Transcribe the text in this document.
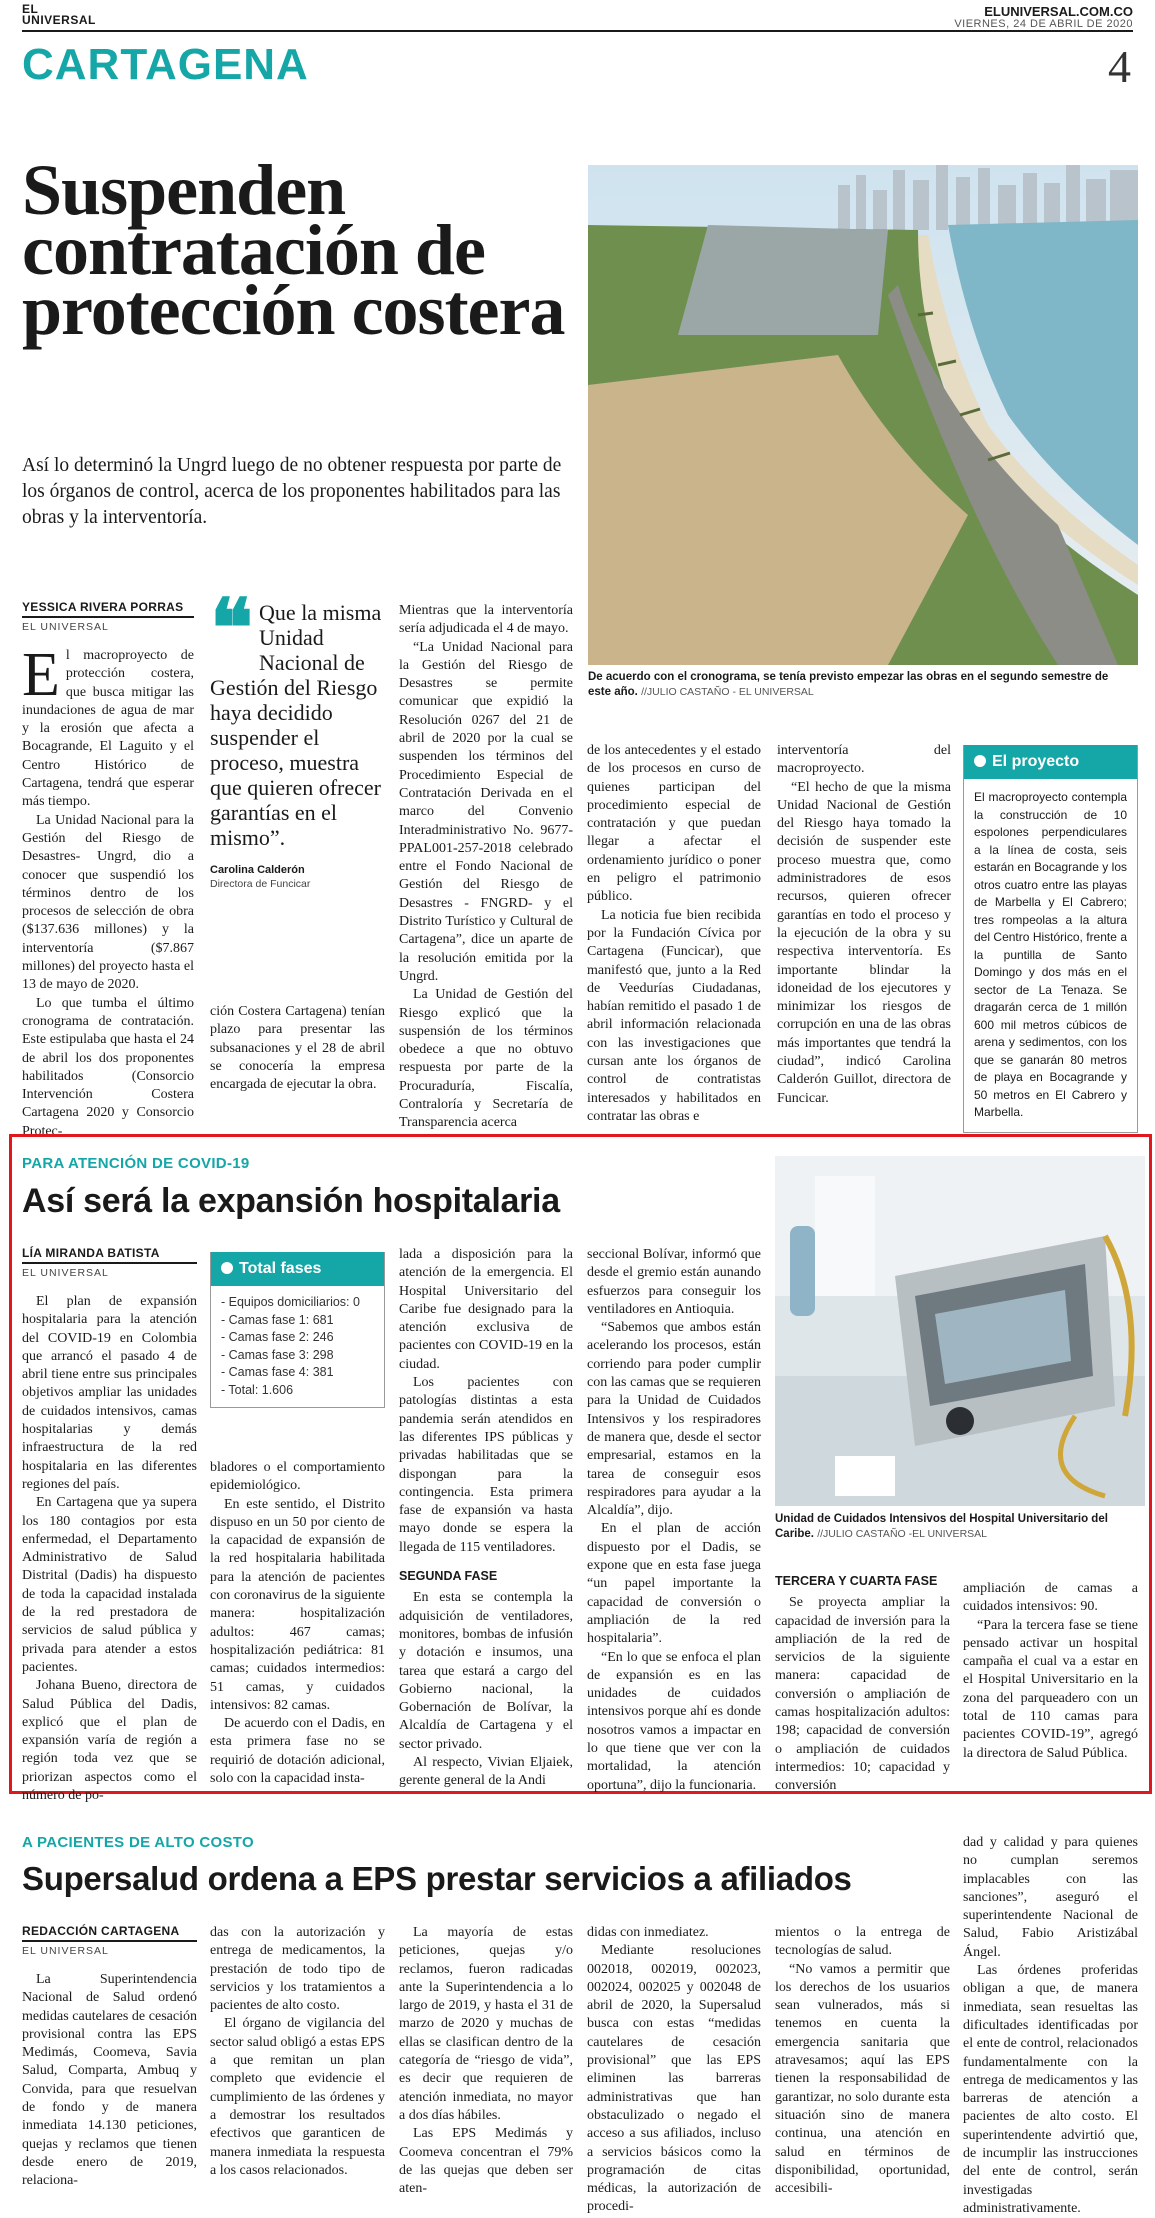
EL
UNIVERSAL
ELUNIVERSAL.COM.CO
VIERNES, 24 DE ABRIL DE 2020
CARTAGENA	4
Suspenden contratación de protección costera

Así lo determinó la Ungrd luego de no obtener respuesta por parte de los órganos de control, acerca de los proponentes habilitados para las obras y la interventoría.

De acuerdo con el cronograma, se tenía previsto empezar las obras en el segundo semestre de este año. //JULIO CASTAÑO - EL UNIVERSAL

YESSICA RIVERA PORRAS
EL UNIVERSAL

El macroproyecto de protección costera, que busca mitigar las inundaciones de agua de mar y la erosión que afecta a Bocagrande, El Laguito y el Centro Histórico de Cartagena, tendrá que esperar más tiempo.

La Unidad Nacional para la Gestión del Riesgo de Desastres- Ungrd, dio a conocer que suspendió los términos dentro de los procesos de selección de obra ($137.636 millones) y la interventoría ($7.867 millones) del proyecto hasta el 13 de mayo de 2020.

Lo que tumba el último cronograma de contratación. Este estipulaba que hasta el 24 de abril los dos proponentes habilitados (Consorcio Intervención Costera Cartagena 2020 y Consorcio Protec-

❝ Que la misma Unidad Nacional de Gestión del Riesgo haya decidido suspender el proceso, muestra que quieren ofrecer garantías en el mismo”.
Carolina Calderón
Directora de Funcicar

ción Costera Cartagena) tenían plazo para presentar las subsanaciones y el 28 de abril se conocería la empresa encargada de ejecutar la obra.

Mientras que la interventoría sería adjudicada el 4 de mayo.

“La Unidad Nacional para la Gestión del Riesgo de Desastres se permite comunicar que expidió la Resolución 0267 del 21 de abril de 2020 por la cual se suspenden los términos del Procedimiento Especial de Contratación Derivada en el marco del Convenio Interadministrativo No. 9677-PPAL001-257-2018 celebrado entre el Fondo Nacional de Gestión del Riesgo de Desastres - FNGRD- y el Distrito Turístico y Cultural de Cartagena”, dice un aparte de la resolución emitida por la Ungrd.

La Unidad de Gestión del Riesgo explicó que la suspensión de los términos obedece a que no obtuvo respuesta por parte de la Procuraduría, Fiscalía, Contraloría y Secretaría de Transparencia acerca

de los antecedentes y el estado de los procesos en curso de quienes participan del procedimiento especial de contratación y que puedan llegar a afectar el ordenamiento jurídico o poner en peligro el patrimonio público.

La noticia fue bien recibida por la Fundación Cívica por Cartagena (Funcicar), que manifestó que, junto a la Red de Veedurías Ciudadanas, habían remitido el pasado 1 de abril información relacionada con las investigaciones que cursan ante los órganos de control de contratistas interesados y habilitados en contratar las obras e

interventoría del macroproyecto.

“El hecho de que la misma Unidad Nacional de Gestión del Riesgo haya tomado la decisión de suspender este proceso muestra que, como administradores de esos recursos, quieren ofrecer garantías en todo el proceso y la ejecución de la obra y su respectiva interventoría. Es importante blindar la idoneidad de los ejecutores y minimizar los riesgos de corrupción en una de las obras más importantes que tendrá la ciudad”, indicó Carolina Calderón Guillot, directora de Funcicar.

El proyecto
El macroproyecto contempla la construcción de 10 espolones perpendiculares a la línea de costa, seis estarán en Bocagrande y los otros cuatro entre las playas de Marbella y El Cabrero; tres rompeolas a la altura del Centro Histórico, frente a la puntilla de Santo Domingo y dos más en el sector de La Tenaza. Se dragarán cerca de 1 millón 600 mil metros cúbicos de arena y sedimentos, con los que se ganarán 80 metros de playa en Bocagrande y 50 metros en El Cabrero y Marbella.
PARA ATENCIÓN DE COVID-19
Así será la expansión hospitalaria

Unidad de Cuidados Intensivos del Hospital Universitario del Caribe. //JULIO CASTAÑO -EL UNIVERSAL

LÍA MIRANDA BATISTA
EL UNIVERSAL

El plan de expansión hospitalaria para la atención del COVID-19 en Colombia que arrancó el pasado 4 de abril tiene entre sus principales objetivos ampliar las unidades de cuidados intensivos, camas hospitalarias y demás infraestructura de la red hospitalaria en las diferentes regiones del país.

En Cartagena que ya supera los 180 contagios por esta enfermedad, el Departamento Administrativo de Salud Distrital (Dadis) ha dispuesto de toda la capacidad instalada de la red prestadora de servicios de salud pública y privada para atender a estos pacientes.

Johana Bueno, directora de Salud Pública del Dadis, explicó que el plan de expansión varía de región a región toda vez que se priorizan aspectos como el número de po-

Total fases
- Equipos domiciliarios: 0
- Camas fase 1: 681
- Camas fase 2: 246
- Camas fase 3: 298
- Camas fase 4: 381
- Total: 1.606

bladores o el comportamiento epidemiológico.

En este sentido, el Distrito dispuso en un 50 por ciento de la capacidad de expansión de la red hospitalaria habilitada para la atención de pacientes con coronavirus de la siguiente manera: hospitalización adultos: 467 camas; hospitalización pediátrica: 81 camas; cuidados intermedios: 51 camas, y cuidados intensivos: 82 camas.

De acuerdo con el Dadis, en esta primera fase no se requirió de dotación adicional, solo con la capacidad insta-

lada a disposición para la atención de la emergencia. El Hospital Universitario del Caribe fue designado para la atención exclusiva de pacientes con COVID-19 en la ciudad.

Los pacientes con patologías distintas a esta pandemia serán atendidos en las diferentes IPS públicas y privadas habilitadas que se dispongan para la contingencia. Esta primera fase de expansión va hasta mayo donde se espera la llegada de 115 ventiladores.

SEGUNDA FASE

En esta se contempla la adquisición de ventiladores, monitores, bombas de infusión y dotación e insumos, una tarea que estará a cargo del Gobierno nacional, la Gobernación de Bolívar, la Alcaldía de Cartagena y el sector privado.

Al respecto, Vivian Eljaiek, gerente general de la Andi

seccional Bolívar, informó que desde el gremio están aunando esfuerzos para conseguir los ventiladores en Antioquia.

“Sabemos que ambos están acelerando los procesos, están corriendo para poder cumplir con las camas que se requieren para la Unidad de Cuidados Intensivos y los respiradores de manera que, desde el sector empresarial, estamos en la tarea de conseguir esos respiradores para ayudar a la Alcaldía”, dijo.

En el plan de acción dispuesto por el Dadis, se expone que en esta fase juega “un papel importante la capacidad de conversión o ampliación de la red hospitalaria”.

“En lo que se enfoca el plan de expansión es en las unidades de cuidados intensivos porque ahí es donde nosotros vamos a impactar en lo que tiene que ver con la mortalidad, la atención oportuna”, dijo la funcionaria.

TERCERA Y CUARTA FASE

Se proyecta ampliar la capacidad de inversión para la ampliación de la red de servicios de la siguiente manera: capacidad de conversión o ampliación de camas hospitalización adultos: 198; capacidad de conversión o ampliación de cuidados intermedios: 10; capacidad y conversión

ampliación de camas a cuidados intensivos: 90.

“Para la tercera fase se tiene pensado activar un hospital campaña el cual va a estar en el Hospital Universitario en la zona del parqueadero con un total de 110 camas para pacientes COVID-19”, agregó la directora de Salud Pública.

A PACIENTES DE ALTO COSTO
Supersalud ordena a EPS prestar servicios a afiliados
REDACCIÓN CARTAGENA
EL UNIVERSAL

La Superintendencia Nacional de Salud ordenó medidas cautelares de cesación provisional contra las EPS Medimás, Coomeva, Savia Salud, Comparta, Ambuq y Convida, para que resuelvan de fondo y de manera inmediata 14.130 peticiones, quejas y reclamos que tienen desde enero de 2019, relaciona-

das con la autorización y entrega de medicamentos, la prestación de todo tipo de servicios y los tratamientos a pacientes de alto costo.

El órgano de vigilancia del sector salud obligó a estas EPS a que remitan un plan completo que evidencie el cumplimiento de las órdenes y a demostrar los resultados efectivos que garanticen de manera inmediata la respuesta a los casos relacionados.

La mayoría de estas peticiones, quejas y/o reclamos, fueron radicadas ante la Superintendencia a lo largo de 2019, y hasta el 31 de marzo de 2020 y muchas de ellas se clasifican dentro de la categoría de “riesgo de vida”, es decir que requieren de atención inmediata, no mayor a dos días hábiles.

Las EPS Medimás y Coomeva concentran el 79% de las quejas que deben ser aten-

didas con inmediatez.

Mediante resoluciones 002018, 002019, 002023, 002024, 002025 y 002048 de abril de 2020, la Supersalud busca con estas “medidas cautelares de cesación provisional” que las EPS eliminen las barreras administrativas que han obstaculizado o negado el acceso a sus afiliados, incluso a servicios básicos como la programación de citas médicas, la autorización de procedi-

mientos o la entrega de tecnologías de salud.

“No vamos a permitir que los derechos de los usuarios sean vulnerados, más si tenemos en cuenta la emergencia sanitaria que atravesamos; aquí las EPS tienen la responsabilidad de garantizar, no solo durante esta situación sino de manera continua, una atención en salud en términos de disponibilidad, oportunidad, accesibili-

dad y calidad y para quienes no cumplan seremos implacables con las sanciones”, aseguró el superintendente Nacional de Salud, Fabio Aristizábal Ángel.

Las órdenes proferidas obligan a que, de manera inmediata, sean resueltas las dificultades identificadas por el ente de control, relacionados fundamentalmente con la entrega de medicamentos y las barreras de atención a pacientes de alto costo. El superintendente advirtió que, de incumplir las instrucciones del ente de control, serán investigadas administrativamente.
